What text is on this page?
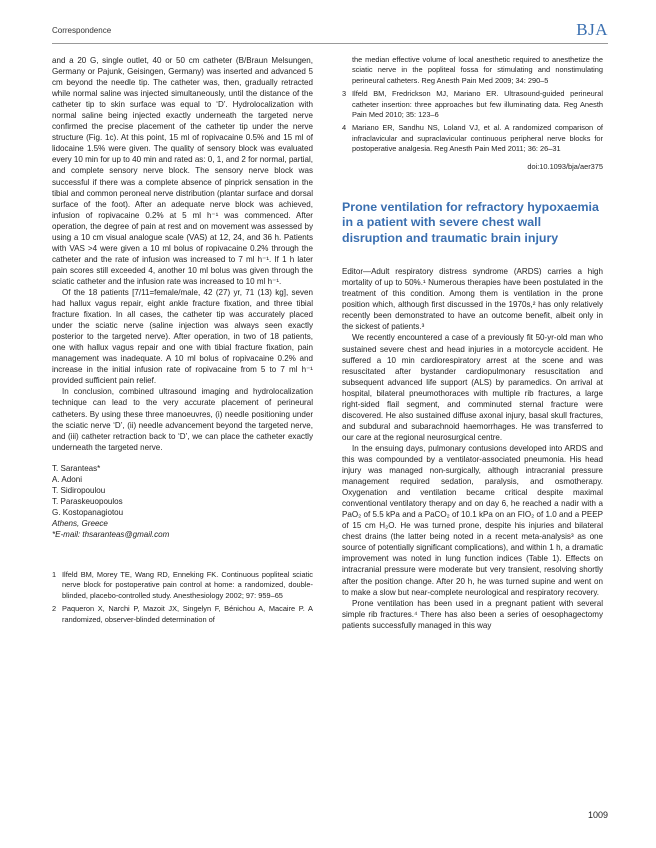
Correspondence	BJA

and a 20 G, single outlet, 40 or 50 cm catheter (B/Braun Melsungen, Germany or Pajunk, Geisingen, Germany) was inserted and advanced 5 cm beyond the needle tip. The catheter was, then, gradually retracted while normal saline was injected simultaneously, until the distance of the catheter tip to skin surface was equal to ‘D’. Hydrolocalization with normal saline being injected exactly underneath the targeted nerve confirmed the precise placement of the catheter tip under the nerve structure (Fig. 1c). At this point, 15 ml of ropivacaine 0.5% and 15 ml of lidocaine 1.5% were given. The quality of sensory block was evaluated every 10 min for up to 40 min and rated as: 0, 1, and 2 for normal, partial, and complete sensory nerve block. The sensory nerve block was successful if there was a complete absence of pinprick sensation in the tibial and common peroneal nerve distribution (plantar surface and dorsal surface of the foot). After an adequate nerve block was achieved, infusion of ropivacaine 0.2% at 5 ml h⁻¹ was commenced. After operation, the degree of pain at rest and on movement was assessed by using a 10 cm visual analogue scale (VAS) at 12, 24, and 36 h. Patients with VAS >4 were given a 10 ml bolus of ropivacaine 0.2% through the catheter and the rate of infusion was increased to 7 ml h⁻¹. If 1 h later pain scores still exceeded 4, another 10 ml bolus was given through the sciatic catheter and the infusion rate was increased to 10 ml h⁻¹.

Of the 18 patients [7/11=female/male, 42 (27) yr, 71 (13) kg], seven had hallux vagus repair, eight ankle fracture fixation, and three tibial fracture fixation. In all cases, the catheter tip was accurately placed under the sciatic nerve (saline injection was always seen exactly posterior to the targeted nerve). After operation, in two of 18 patients, one with hallux vagus repair and one with tibial fracture fixation, pain management was inadequate. A 10 ml bolus of ropivacaine 0.2% and increase in the initial infusion rate of ropivacaine from 5 to 7 ml h⁻¹ provided sufficient pain relief.

In conclusion, combined ultrasound imaging and hydrolocalization technique can lead to the very accurate placement of perineural catheters. By using these three manoeuvres, (i) needle positioning under the sciatic nerve ‘D’, (ii) needle advancement beyond the targeted nerve, and (iii) catheter retraction back to ‘D’, we can place the catheter exactly underneath the targeted nerve.

T. Saranteas*
A. Adoni
T. Sidiropoulou
T. Paraskeuopoulos
G. Kostopanagiotou
Athens, Greece
*E-mail: thsaranteas@gmail.com
1 Ilfeld BM, Morey TE, Wang RD, Enneking FK. Continuous popliteal sciatic nerve block for postoperative pain control at home: a randomized, double-blinded, placebo-controlled study. Anesthesiology 2002; 97: 959–65
2 Paqueron X, Narchi P, Mazoit JX, Singelyn F, Bénichou A, Macaire P. A randomized, observer-blinded determination of
the median effective volume of local anesthetic required to anesthetize the sciatic nerve in the popliteal fossa for stimulating and nonstimulating perineural catheters. Reg Anesth Pain Med 2009; 34: 290–5
3 Ilfeld BM, Fredrickson MJ, Mariano ER. Ultrasound-guided perineural catheter insertion: three approaches but few illuminating data. Reg Anesth Pain Med 2010; 35: 123–6
4 Mariano ER, Sandhu NS, Loland VJ, et al. A randomized comparison of infraclavicular and supraclavicular continuous peripheral nerve blocks for postoperative analgesia. Reg Anesth Pain Med 2011; 36: 26–31
doi:10.1093/bja/aer375
Prone ventilation for refractory hypoxaemia in a patient with severe chest wall disruption and traumatic brain injury

Editor—Adult respiratory distress syndrome (ARDS) carries a high mortality of up to 50%.¹ Numerous therapies have been postulated in the treatment of this condition. Among them is ventilation in the prone position which, although first discussed in the 1970s,² has only relatively recently been demonstrated to have an outcome benefit, albeit only in the sickest of patients.³

We recently encountered a case of a previously fit 50-yr-old man who sustained severe chest and head injuries in a motorcycle accident. He suffered a 10 min cardiorespiratory arrest at the scene and was resuscitated after bystander cardiopulmonary resuscitation and subsequent advanced life support (ALS) by paramedics. On arrival at hospital, bilateral pneumothoraces with multiple rib fractures, a large right-sided flail segment, and comminuted sternal fracture were discovered. He also sustained diffuse axonal injury, basal skull fractures, and subdural and subarachnoid haemorrhages. He was transferred to our care at the regional neurosurgical centre.

In the ensuing days, pulmonary contusions developed into ARDS and this was compounded by a ventilator-associated pneumonia. His head injury was managed non-surgically, although intracranial pressure management required sedation, paralysis, and osmotherapy. Oxygenation and ventilation became critical despite maximal conventional ventilatory therapy and on day 6, he reached a nadir with a PaO₂ of 5.5 kPa and a PaCO₂ of 10.1 kPa on an FIO₂ of 1.0 and a PEEP of 15 cm H₂O. He was turned prone, despite his injuries and bilateral chest drains (the latter being noted in a recent meta-analysis³ as one source of potentially significant complications), and within 1 h, a dramatic improvement was noted in lung function indices (Table 1). Effects on intracranial pressure were moderate but very transient, resolving shortly after the position change. After 20 h, he was turned supine and went on to make a slow but near-complete neurological and respiratory recovery.

Prone ventilation has been used in a pregnant patient with several simple rib fractures.⁴ There has also been a series of oesophagectomy patients successfully managed in this way

1009
